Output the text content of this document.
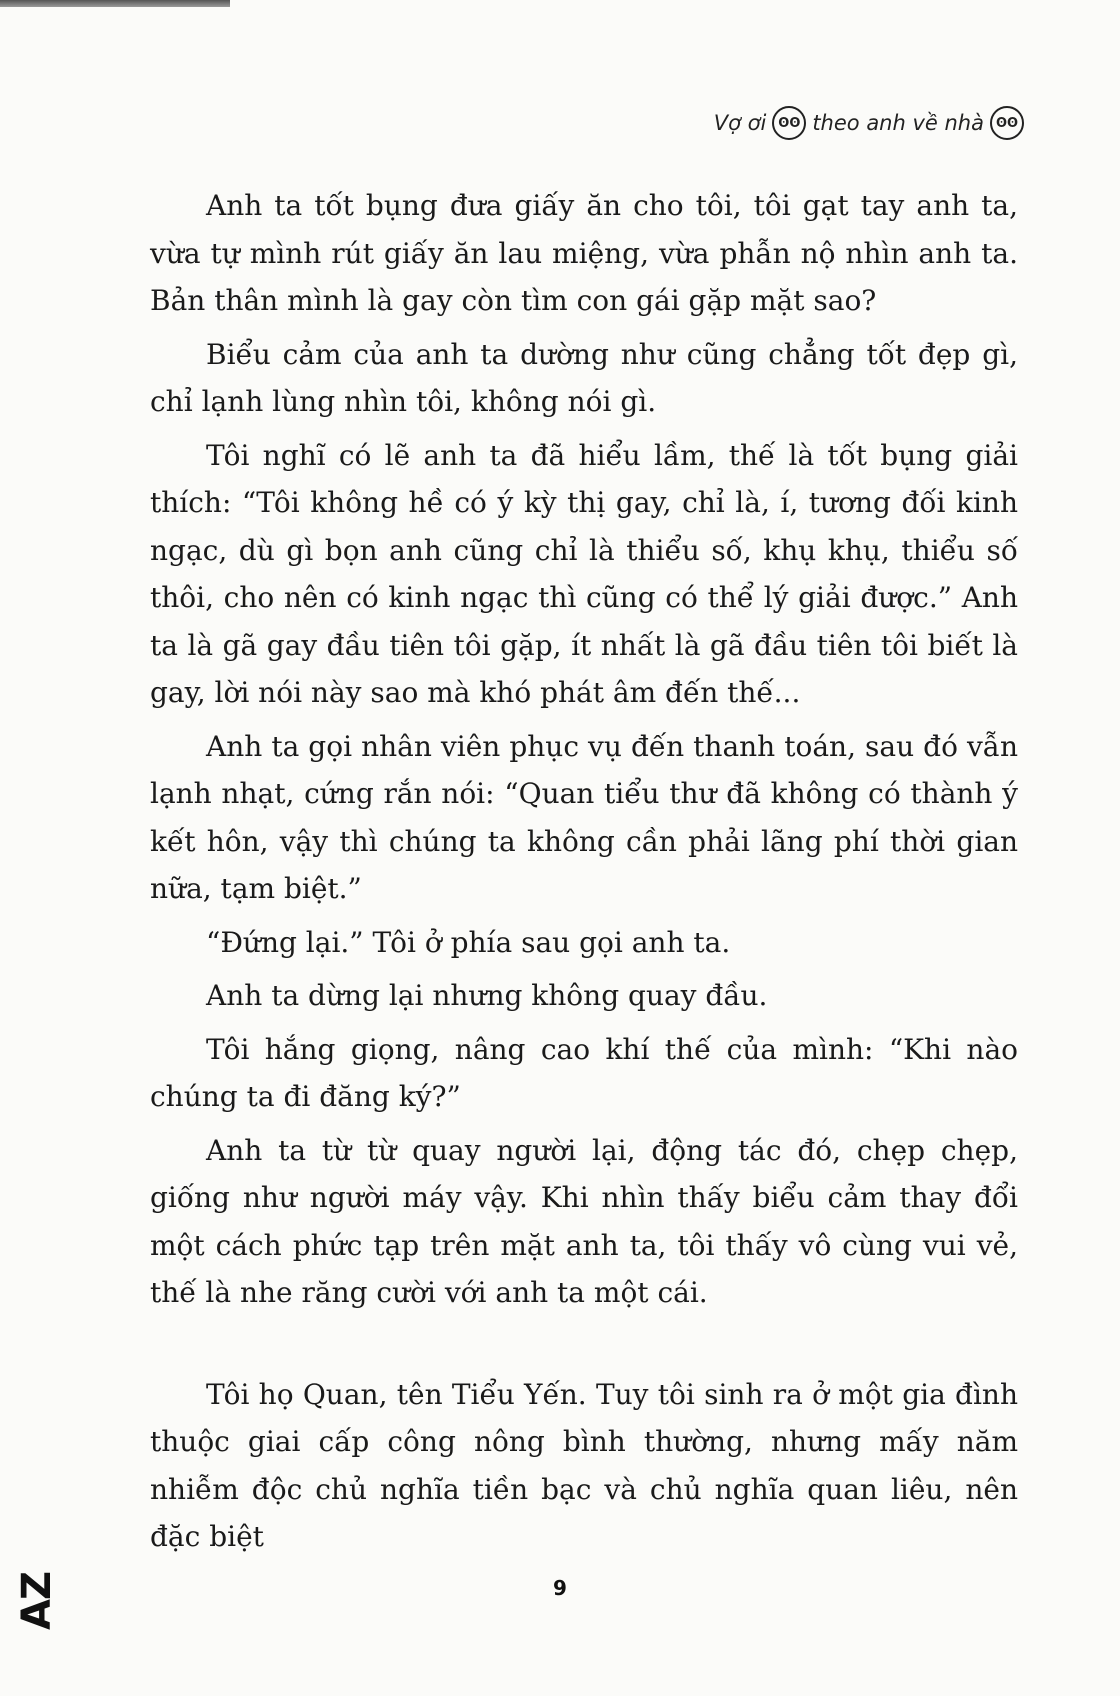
Vợ ơi ʘʘ theo anh về nhà ʘʘ

Anh ta tốt bụng đưa giấy ăn cho tôi, tôi gạt tay anh ta, vừa tự mình rút giấy ăn lau miệng, vừa phẫn nộ nhìn anh ta. Bản thân mình là gay còn tìm con gái gặp mặt sao?

Biểu cảm của anh ta dường như cũng chẳng tốt đẹp gì, chỉ lạnh lùng nhìn tôi, không nói gì.

Tôi nghĩ có lẽ anh ta đã hiểu lầm, thế là tốt bụng giải thích: “Tôi không hề có ý kỳ thị gay, chỉ là, í, tương đối kinh ngạc, dù gì bọn anh cũng chỉ là thiểu số, khụ khụ, thiểu số thôi, cho nên có kinh ngạc thì cũng có thể lý giải được.” Anh ta là gã gay đầu tiên tôi gặp, ít nhất là gã đầu tiên tôi biết là gay, lời nói này sao mà khó phát âm đến thế...

Anh ta gọi nhân viên phục vụ đến thanh toán, sau đó vẫn lạnh nhạt, cứng rắn nói: “Quan tiểu thư đã không có thành ý kết hôn, vậy thì chúng ta không cần phải lãng phí thời gian nữa, tạm biệt.”

“Đứng lại.” Tôi ở phía sau gọi anh ta.

Anh ta dừng lại nhưng không quay đầu.

Tôi hắng giọng, nâng cao khí thế của mình: “Khi nào chúng ta đi đăng ký?”

Anh ta từ từ quay người lại, động tác đó, chẹp chẹp, giống như người máy vậy. Khi nhìn thấy biểu cảm thay đổi một cách phức tạp trên mặt anh ta, tôi thấy vô cùng vui vẻ, thế là nhe răng cười với anh ta một cái.

Tôi họ Quan, tên Tiểu Yến. Tuy tôi sinh ra ở một gia đình thuộc giai cấp công nông bình thường, nhưng mấy năm nhiễm độc chủ nghĩa tiền bạc và chủ nghĩa quan liêu, nên đặc biệt

9
AZ
